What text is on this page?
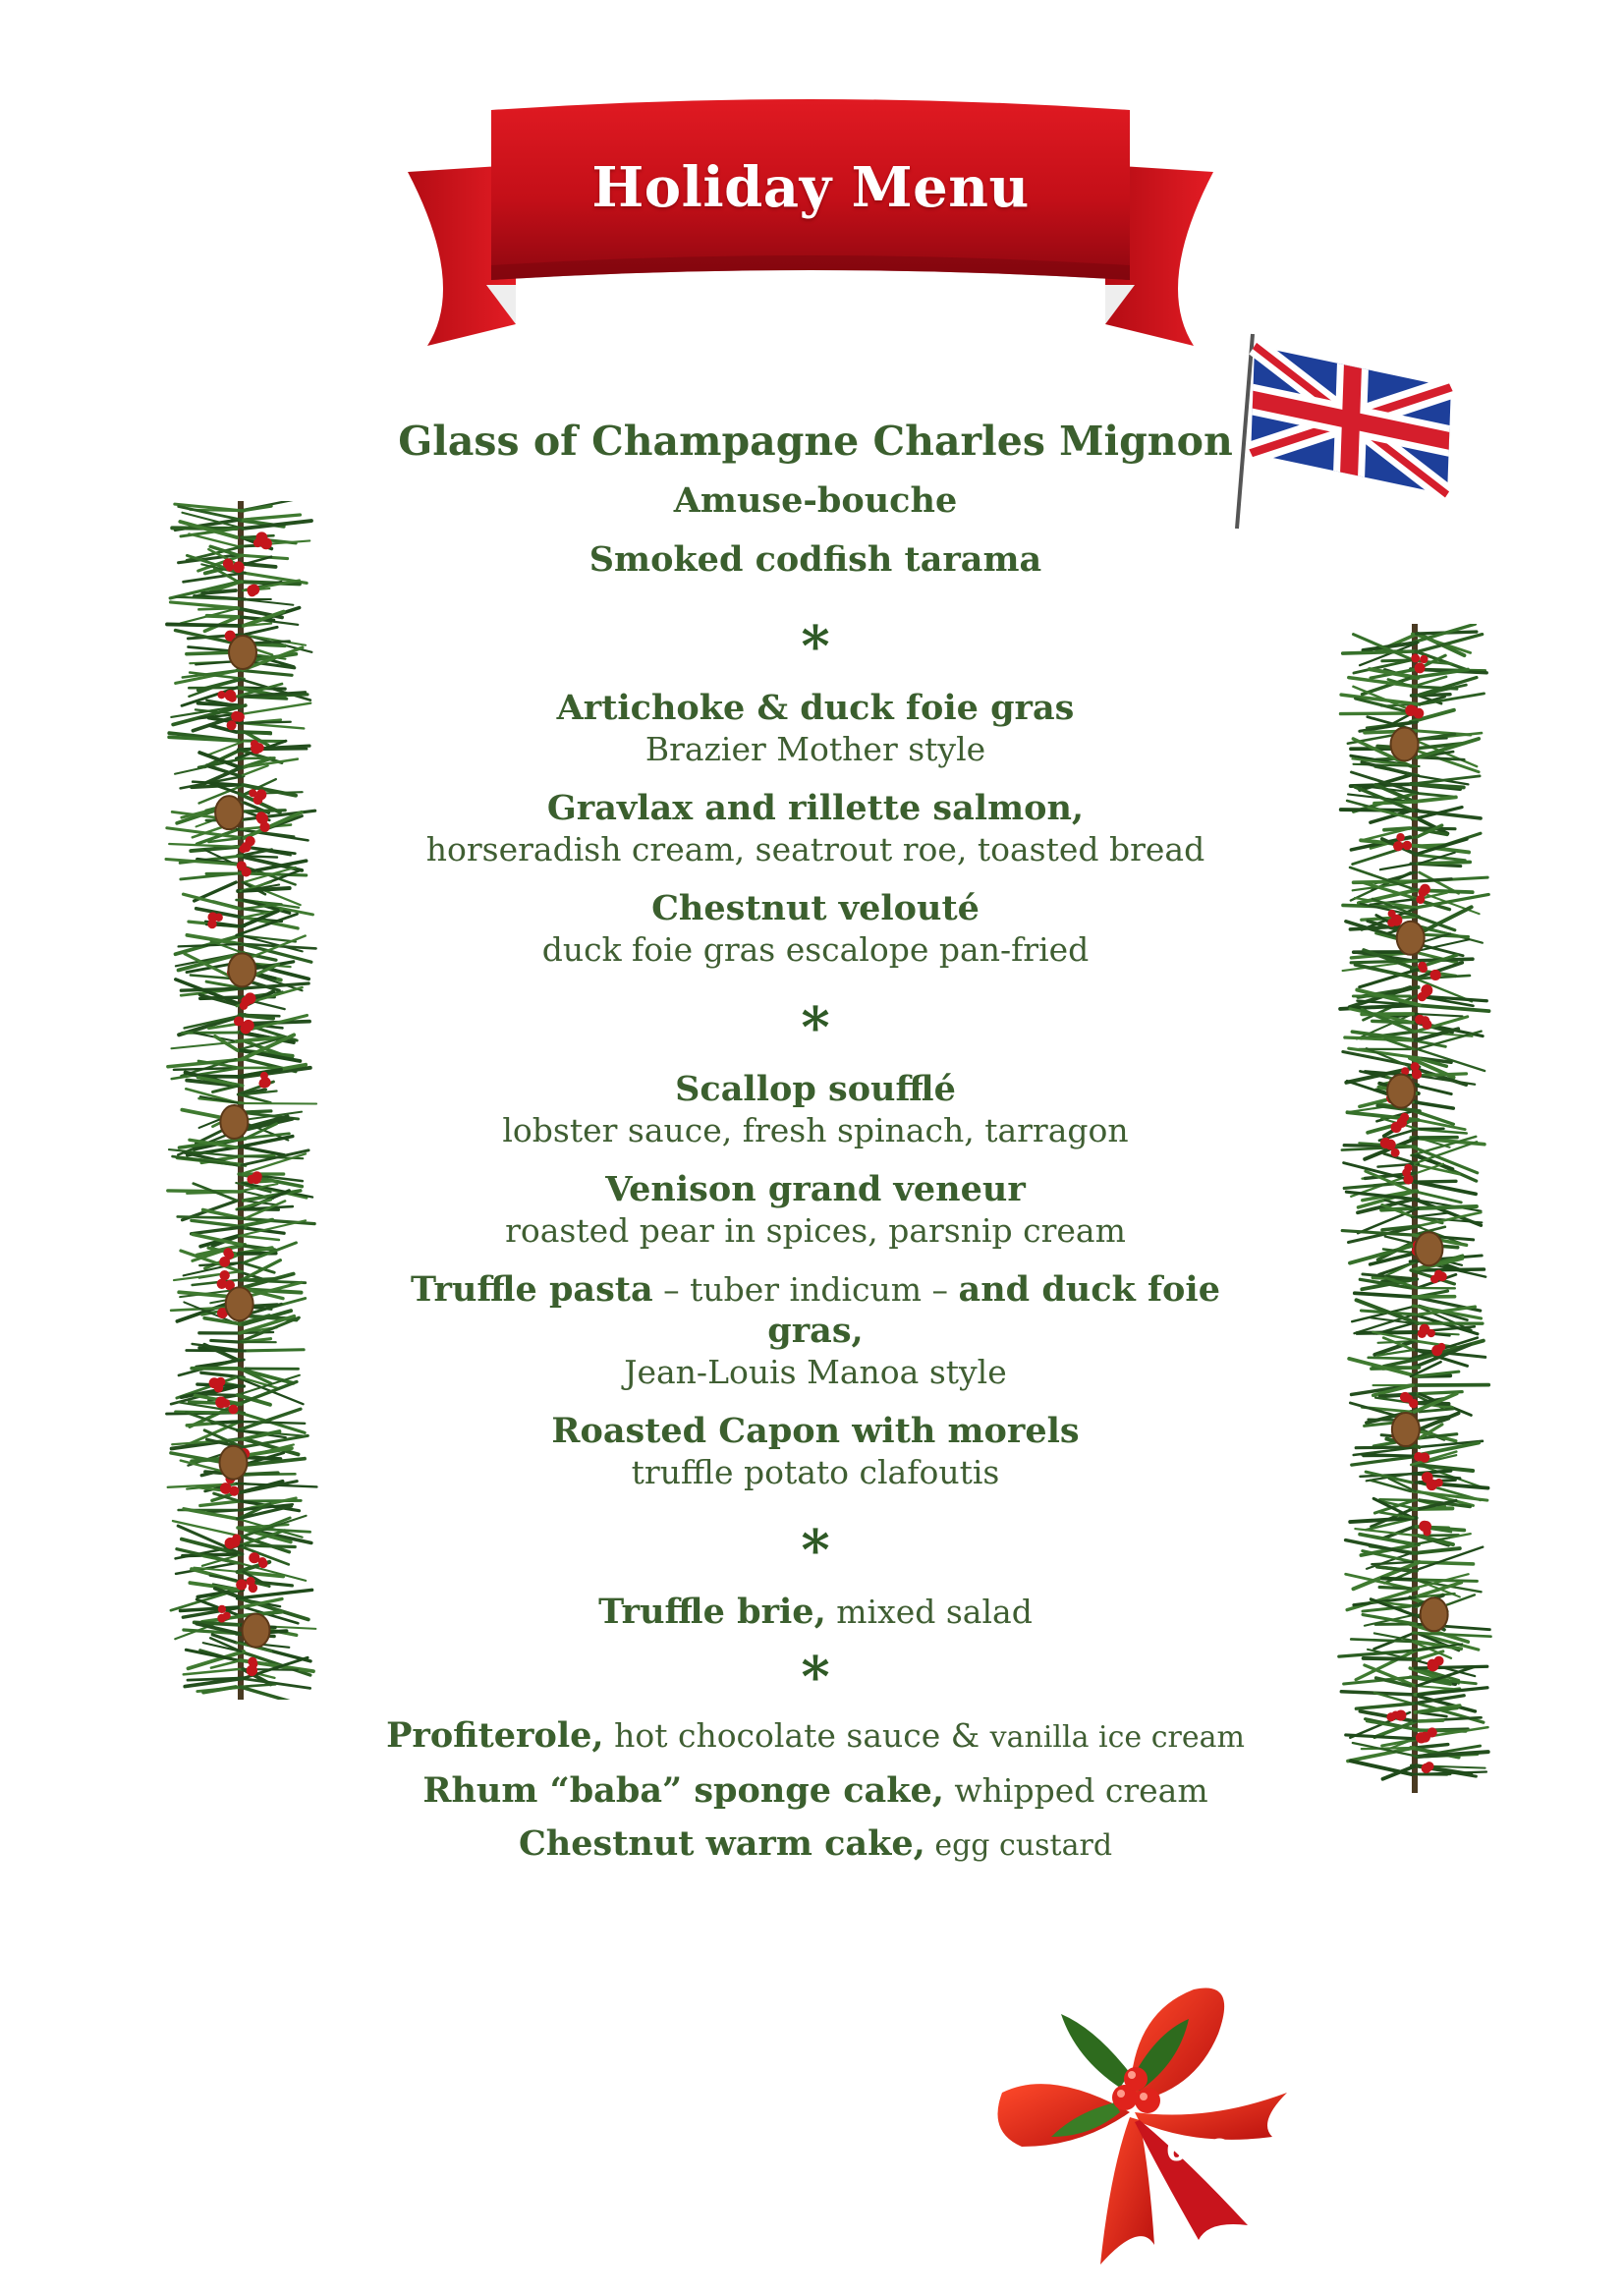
Holiday Menu
Glass of Champagne Charles Mignon
Amuse-bouche
Smoked codfish tarama
*
Artichoke & duck foie gras
Brazier Mother style
Gravlax and rillette salmon,
horseradish cream, seatrout roe, toasted bread
Chestnut velouté
duck foie gras escalope pan-fried
*
Scallop soufflé
lobster sauce, fresh spinach, tarragon
Venison grand veneur
roasted pear in spices, parsnip cream
Truffle pasta – tuber indicum – and duck foie gras,
Jean-Louis Manoa style
Roasted Capon with morels
truffle potato clafoutis
*
Truffle brie, mixed salad
*
Profiterole, hot chocolate sauce & vanilla ice cream
Rhum “baba” sponge cake, whipped cream
Chestnut warm cake, egg custard
60€
